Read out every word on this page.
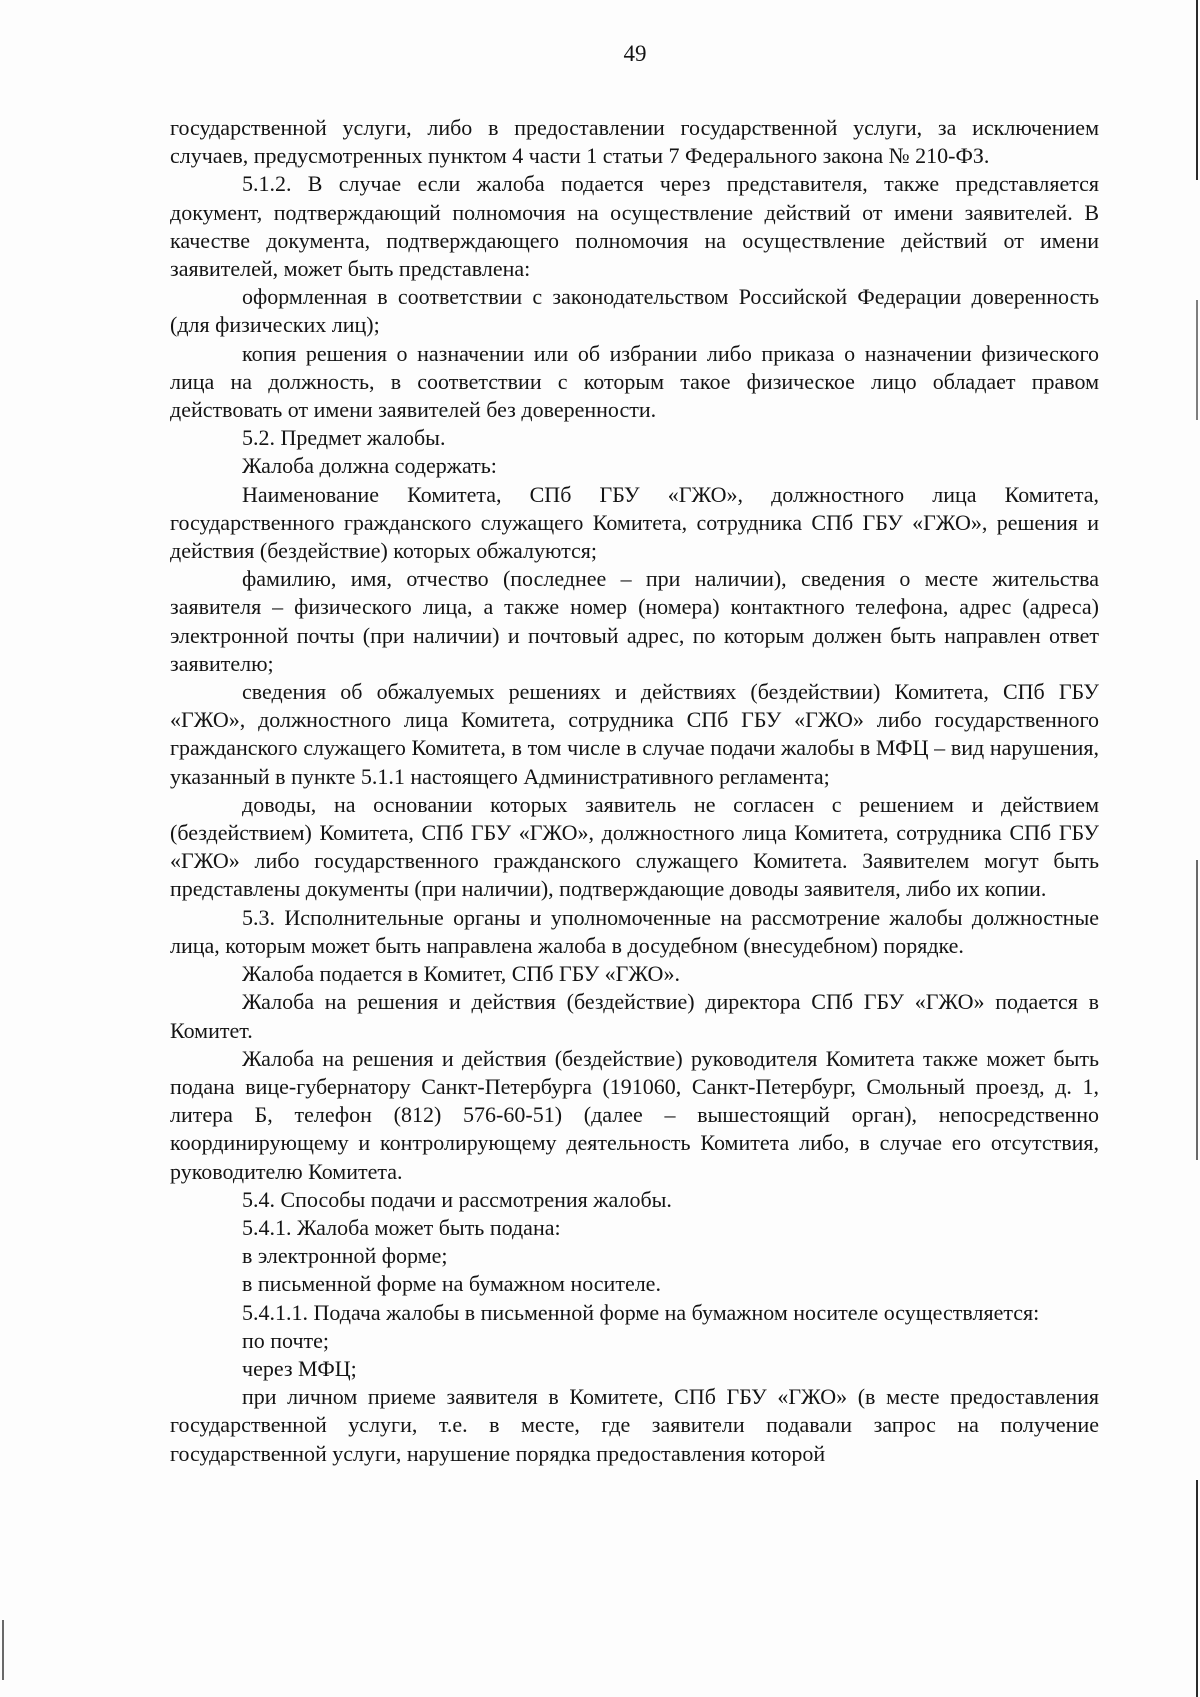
49

государственной услуги, либо в предоставлении государственной услуги, за исключением случаев, предусмотренных пунктом 4 части 1 статьи 7 Федерального закона № 210-ФЗ.

5.1.2. В случае если жалоба подается через представителя, также представляется документ, подтверждающий полномочия на осуществление действий от имени заявителей. В качестве документа, подтверждающего полномочия на осуществление действий от имени заявителей, может быть представлена:

оформленная в соответствии с законодательством Российской Федерации доверенность (для физических лиц);

копия решения о назначении или об избрании либо приказа о назначении физического лица на должность, в соответствии с которым такое физическое лицо обладает правом действовать от имени заявителей без доверенности.

5.2. Предмет жалобы.

Жалоба должна содержать:

Наименование Комитета, СПб ГБУ «ГЖО», должностного лица Комитета, государственного гражданского служащего Комитета, сотрудника СПб ГБУ «ГЖО», решения и действия (бездействие) которых обжалуются;

фамилию, имя, отчество (последнее – при наличии), сведения о месте жительства заявителя – физического лица, а также номер (номера) контактного телефона, адрес (адреса) электронной почты (при наличии) и почтовый адрес, по которым должен быть направлен ответ заявителю;

сведения об обжалуемых решениях и действиях (бездействии) Комитета, СПб ГБУ «ГЖО», должностного лица Комитета, сотрудника СПб ГБУ «ГЖО» либо государственного гражданского служащего Комитета, в том числе в случае подачи жалобы в МФЦ – вид нарушения, указанный в пункте 5.1.1 настоящего Административного регламента;

доводы, на основании которых заявитель не согласен с решением и действием (бездействием) Комитета, СПб ГБУ «ГЖО», должностного лица Комитета, сотрудника СПб ГБУ «ГЖО» либо государственного гражданского служащего Комитета. Заявителем могут быть представлены документы (при наличии), подтверждающие доводы заявителя, либо их копии.

5.3. Исполнительные органы и уполномоченные на рассмотрение жалобы должностные лица, которым может быть направлена жалоба в досудебном (внесудебном) порядке.

Жалоба подается в Комитет, СПб ГБУ «ГЖО».

Жалоба на решения и действия (бездействие) директора СПб ГБУ «ГЖО» подается в Комитет.

Жалоба на решения и действия (бездействие) руководителя Комитета также может быть подана вице-губернатору Санкт-Петербурга (191060, Санкт-Петербург, Смольный проезд, д. 1, литера Б, телефон (812) 576-60-51) (далее – вышестоящий орган), непосредственно координирующему и контролирующему деятельность Комитета либо, в случае его отсутствия, руководителю Комитета.

5.4. Способы подачи и рассмотрения жалобы.

5.4.1. Жалоба может быть подана:

в электронной форме;

в письменной форме на бумажном носителе.

5.4.1.1. Подача жалобы в письменной форме на бумажном носителе осуществляется:

по почте;

через МФЦ;

при личном приеме заявителя в Комитете, СПб ГБУ «ГЖО» (в месте предоставления государственной услуги, т.е. в месте, где заявители подавали запрос на получение государственной услуги, нарушение порядка предоставления которой
